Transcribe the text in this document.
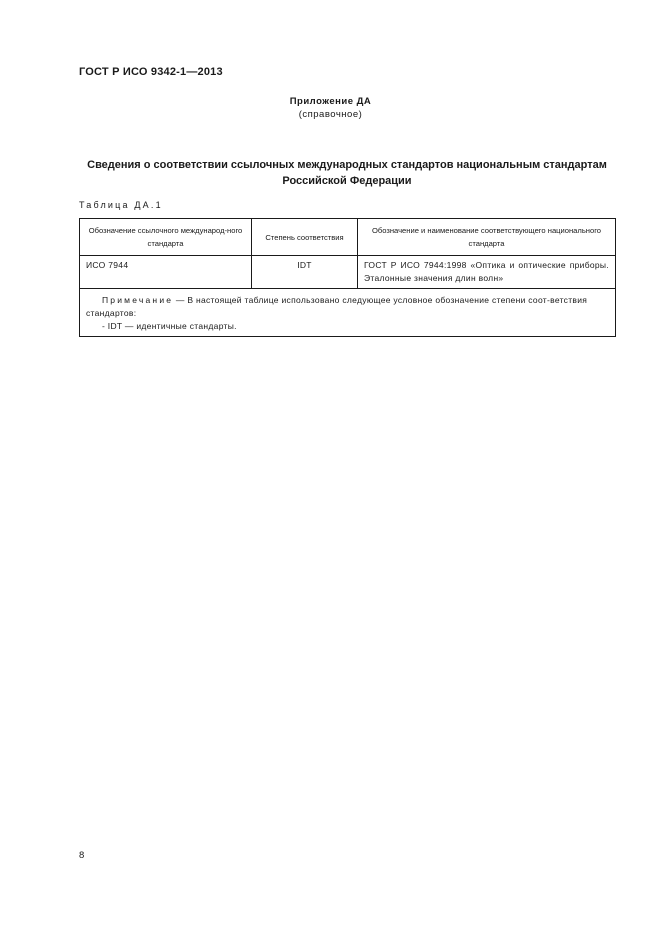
ГОСТ Р ИСО 9342-1—2013
Приложение ДА
(справочное)
Сведения о соответствии ссылочных международных стандартов национальным стандартам
Российской Федерации
Таблица ДА.1
Обозначение ссылочного международ-ного стандарта	Степень соответствия	Обозначение и наименование соответствующего национального стандарта
ИСО 7944	IDT	ГОСТ Р ИСО 7944:1998 «Оптика и оптические приборы. Эталонные значения длин волн»

Примечание — В настоящей таблице использовано следующее условное обозначение степени соот-ветствия стандартов:

- IDT — идентичные стандарты.		

8
